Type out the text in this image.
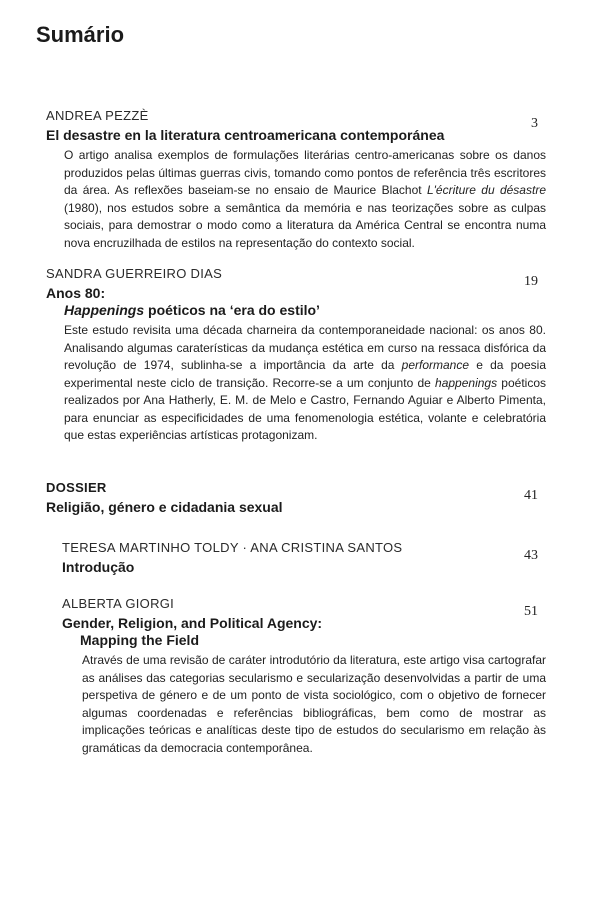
Sumário
ANDREA PEZZÈ
3
El desastre en la literatura centroamericana contemporánea
O artigo analisa exemplos de formulações literárias centro-americanas sobre os danos produzidos pelas últimas guerras civis, tomando como pontos de referência três escritores da área. As reflexões baseiam-se no ensaio de Maurice Blachot L'écriture du désastre (1980), nos estudos sobre a semântica da memória e nas teorizações sobre as culpas sociais, para demostrar o modo como a literatura da América Central se encontra numa nova encruzilhada de estilos na representação do contexto social.
SANDRA GUERREIRO DIAS
19
Anos 80:
Happenings poéticos na ‘era do estilo’
Este estudo revisita uma década charneira da contemporaneidade nacional: os anos 80. Analisando algumas caraterísticas da mudança estética em curso na ressaca disfórica da revolução de 1974, sublinha-se a importância da arte da performance e da poesia experimental neste ciclo de transição. Recorre-se a um conjunto de happenings poéticos realizados por Ana Hatherly, E. M. de Melo e Castro, Fernando Aguiar e Alberto Pimenta, para enunciar as especificidades de uma fenomenologia estética, volante e celebratória que estas experiências artísticas protagonizam.
DOSSIER
41
Religião, género e cidadania sexual
TERESA MARTINHO TOLDY · ANA CRISTINA SANTOS
43
Introdução
ALBERTA GIORGI
51
Gender, Religion, and Political Agency:
Mapping the Field
Através de uma revisão de caráter introdutório da literatura, este artigo visa cartografar as análises das categorias secularismo e secularização desenvolvidas a partir de uma perspetiva de género e de um ponto de vista sociológico, com o objetivo de fornecer algumas coordenadas e referências bibliográficas, bem como de mostrar as implicações teóricas e analíticas deste tipo de estudos do secularismo em relação às gramáticas da democracia contemporânea.
